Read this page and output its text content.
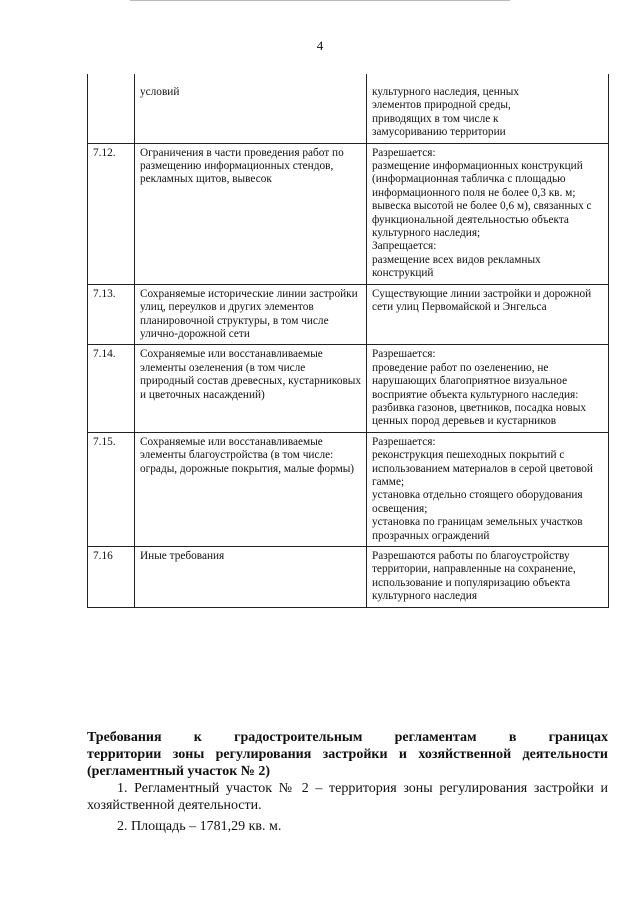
4
	условий	культурного наследия, ценных
элементов природной среды,
приводящих в том числе к
замусориванию территории

7.12.	Ограничения в части проведения работ по размещению информационных стендов, рекламных щитов, вывесок	Разрешается:
размещение информационных конструкций (информационная табличка с площадью информационного поля не более 0,3 кв. м; вывеска высотой не более 0,6 м), связанных с функциональной деятельностью объекта культурного наследия;
Запрещается:
размещение всех видов рекламных конструкций

7.13.	Сохраняемые исторические линии застройки улиц, переулков и других элементов планировочной структуры, в том числе улично-дорожной сети	Существующие линии застройки и дорожной сети улиц Первомайской и Энгельса

7.14.	Сохраняемые или восстанавливаемые элементы озеленения (в том числе природный состав древесных, кустарниковых и цветочных насаждений)	Разрешается:
проведение работ по озеленению, не нарушающих благоприятное визуальное восприятие объекта культурного наследия: разбивка газонов, цветников, посадка новых ценных пород деревьев и кустарников

7.15.	Сохраняемые или восстанавливаемые элементы благоустройства (в том числе: ограды, дорожные покрытия, малые формы)	Разрешается:
реконструкция пешеходных покрытий с использованием материалов в серой цветовой гамме;
установка отдельно стоящего оборудования освещения;
установка по границам земельных участков прозрачных ограждений

7.16	Иные требования	Разрешаются работы по благоустройству территории, направленные на сохранение, использование и популяризацию объекта культурного наследия
Требования к градостроительным регламентам в границах
территории зоны регулирования застройки и хозяйственной деятельности
(регламентный участок № 2)
1. Регламентный участок № 2 – территория зоны регулирования застройки и хозяйственной деятельности.
2. Площадь – 1781,29 кв. м.
